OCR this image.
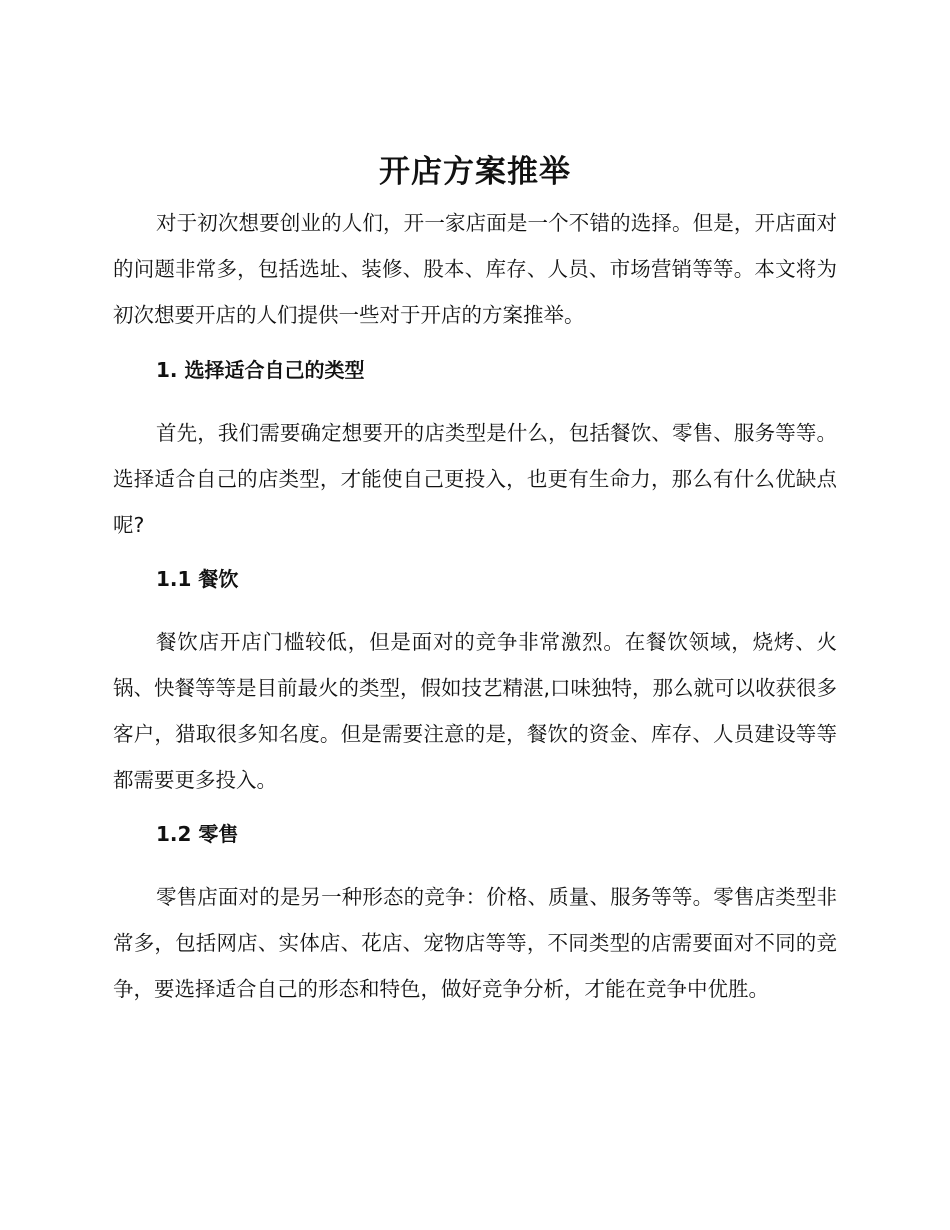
开店方案推举

对于初次想要创业的人们，开一家店面是一个不错的选择。但是，开店面对的问题非常多，包括选址、装修、股本、库存、人员、市场营销等等。本文将为初次想要开店的人们提供一些对于开店的方案推举。

1. 选择适合自己的类型

首先，我们需要确定想要开的店类型是什么，包括餐饮、零售、服务等等。选择适合自己的店类型，才能使自己更投入，也更有生命力，那么有什么优缺点呢?

1.1 餐饮

餐饮店开店门槛较低，但是面对的竞争非常激烈。在餐饮领域，烧烤、火锅、快餐等等是目前最火的类型，假如技艺精湛,口味独特，那么就可以收获很多客户，猎取很多知名度。但是需要注意的是，餐饮的资金、库存、人员建设等等都需要更多投入。

1.2 零售

零售店面对的是另一种形态的竞争：价格、质量、服务等等。零售店类型非常多，包括网店、实体店、花店、宠物店等等，不同类型的店需要面对不同的竞争，要选择适合自己的形态和特色，做好竞争分析，才能在竞争中优胜。
